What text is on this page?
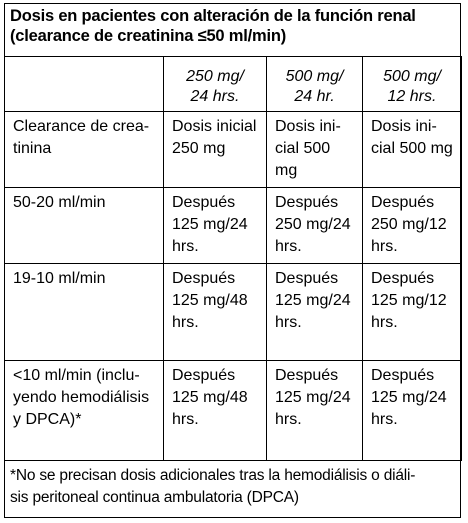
Dosis en pacientes con alteración de la función renal
(clearance de creatinina ≤50 ml/min)

	250 mg/
24 hrs.	500 mg/
24 hr.	500 mg/
12 hrs.

Clearance de crea-
tinina	Dosis inicial
250 mg	Dosis ini-
cial 500
mg	Dosis ini-
cial 500 mg

50-20 ml/min	Después
125 mg/24
hrs.	Después
250 mg/24
hrs.	Después
250 mg/12
hrs.

19-10 ml/min	Después
125 mg/48
hrs.	Después
125 mg/24
hrs.	Después
125 mg/12
hrs.

<10 ml/min (inclu-
yendo hemodiálisis
y DPCA)*	Después
125 mg/48
hrs.	Después
125 mg/24
hrs.	Después
125 mg/24
hrs.
*No se precisan dosis adicionales tras la hemodiálisis o diáli-
sis peritoneal continua ambulatoria (DPCA)
